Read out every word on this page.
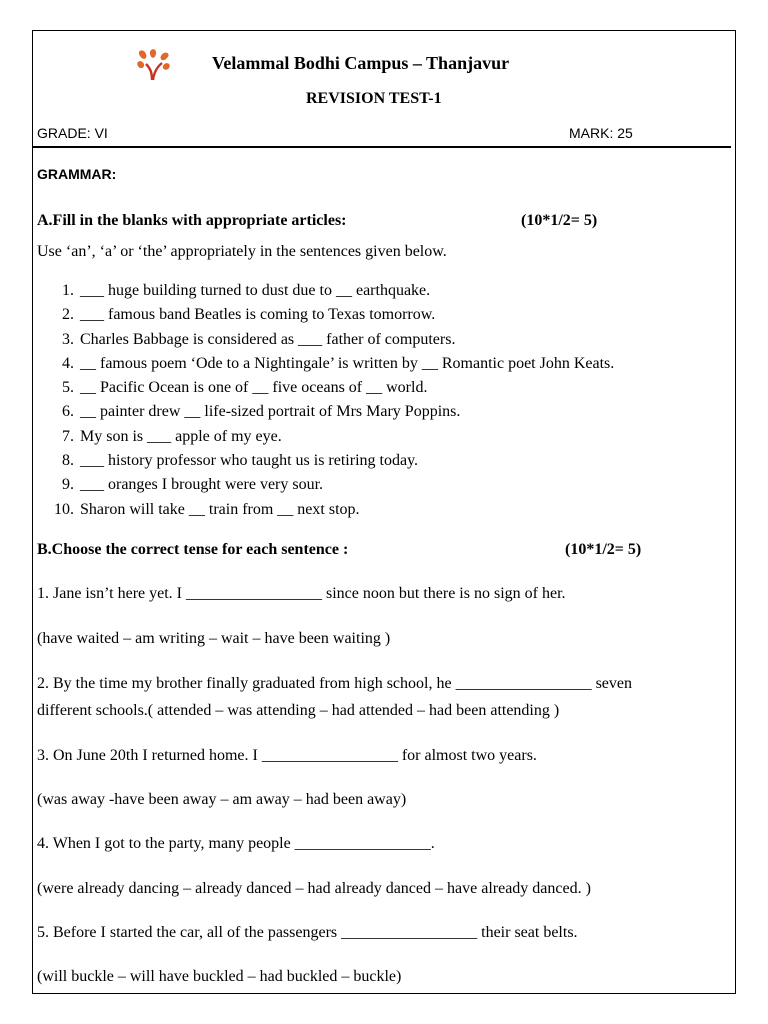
Velammal Bodhi Campus – Thanjavur
REVISION TEST-1
GRADE: VI	MARK: 25
GRAMMAR:
A.Fill in the blanks with appropriate articles:	(10*1/2= 5)
Use ‘an’, ‘a’ or ‘the’ appropriately in the sentences given below.
1. ___ huge building turned to dust due to __ earthquake.
2. ___ famous band Beatles is coming to Texas tomorrow.
3. Charles Babbage is considered as ___ father of computers.
4. __ famous poem ‘Ode to a Nightingale’ is written by __ Romantic poet John Keats.
5. __ Pacific Ocean is one of __ five oceans of __ world.
6. __ painter drew __ life-sized portrait of Mrs Mary Poppins.
7. My son is ___ apple of my eye.
8. ___ history professor who taught us is retiring today.
9. ___ oranges I brought were very sour.
10. Sharon will take __ train from __ next stop.
B.Choose the correct tense for each sentence :	(10*1/2= 5)
1. Jane isn’t here yet. I _________________ since noon but there is no sign of her.
(have waited – am writing – wait – have been waiting )
2. By the time my brother finally graduated from high school, he _________________ seven
different schools.( attended – was attending – had attended – had been attending )
3. On June 20th I returned home. I _________________ for almost two years.
(was away -have been away – am away – had been away)
4. When I got to the party, many people _________________.
(were already dancing – already danced – had already danced – have already danced. )
5. Before I started the car, all of the passengers _________________ their seat belts.
(will buckle – will have buckled – had buckled – buckle)
